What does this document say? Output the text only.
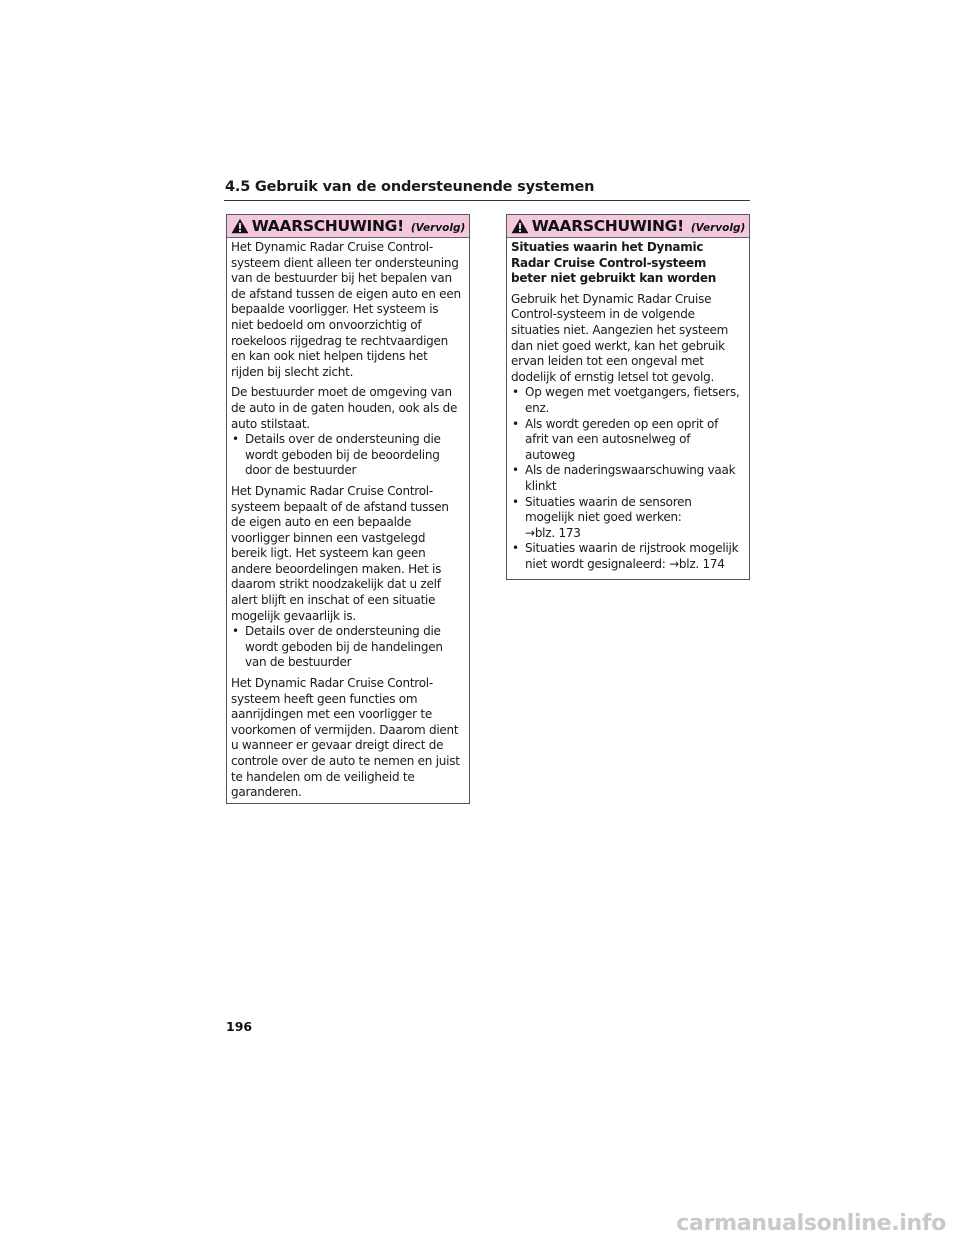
4.5 Gebruik van de ondersteunende systemen
WAARSCHUWING! (Vervolg)

Het Dynamic Radar Cruise Control-systeem dient alleen ter ondersteuning van de bestuurder bij het bepalen van de afstand tussen de eigen auto en een bepaalde voorligger. Het systeem is niet bedoeld om onvoorzichtig of roekeloos rijgedrag te rechtvaardigen en kan ook niet helpen tijdens het rijden bij slecht zicht.

De bestuurder moet de omgeving van de auto in de gaten houden, ook als de auto stilstaat.

• Details over de ondersteuning die wordt geboden bij de beoordeling door de bestuurder

Het Dynamic Radar Cruise Control-systeem bepaalt of de afstand tussen de eigen auto en een bepaalde voorligger binnen een vastgelegd bereik ligt. Het systeem kan geen andere beoordelingen maken. Het is daarom strikt noodzakelijk dat u zelf alert blijft en inschat of een situatie mogelijk gevaarlijk is.

• Details over de ondersteuning die wordt geboden bij de handelingen van de bestuurder

Het Dynamic Radar Cruise Control-systeem heeft geen functies om aanrijdingen met een voorligger te voorkomen of vermijden. Daarom dient u wanneer er gevaar dreigt direct de controle over de auto te nemen en juist te handelen om de veiligheid te garanderen.

WAARSCHUWING! (Vervolg)

Situaties waarin het Dynamic Radar Cruise Control-systeem beter niet gebruikt kan worden

Gebruik het Dynamic Radar Cruise Control-systeem in de volgende situaties niet. Aangezien het systeem dan niet goed werkt, kan het gebruik ervan leiden tot een ongeval met dodelijk of ernstig letsel tot gevolg.

• Op wegen met voetgangers, fietsers, enz.
• Als wordt gereden op een oprit of afrit van een autosnelweg of autoweg
• Als de naderingswaarschuwing vaak klinkt
• Situaties waarin de sensoren mogelijk niet goed werken:
→blz. 173
• Situaties waarin de rijstrook mogelijk niet wordt gesignaleerd: →blz. 174
196
carmanualsonline.info
